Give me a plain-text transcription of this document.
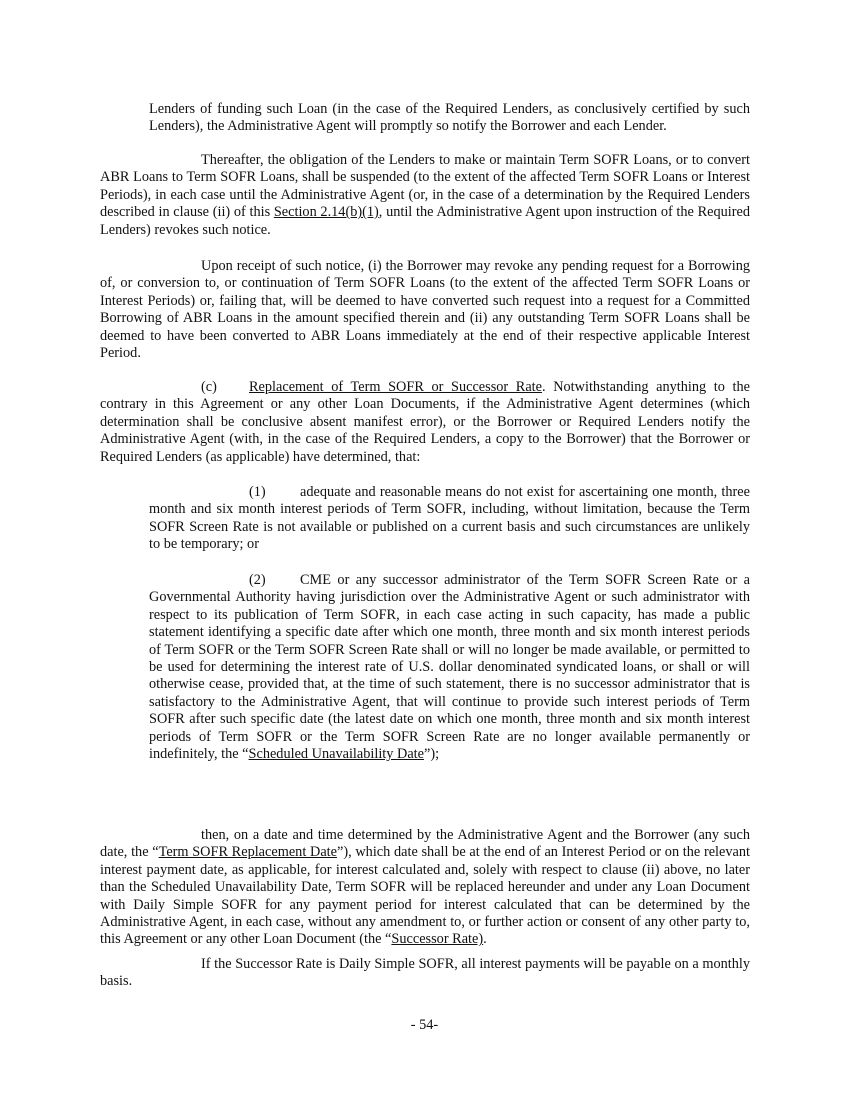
Lenders of funding such Loan (in the case of the Required Lenders, as conclusively certified by such Lenders), the Administrative Agent will promptly so notify the Borrower and each Lender.

Thereafter, the obligation of the Lenders to make or maintain Term SOFR Loans, or to convert ABR Loans to Term SOFR Loans, shall be suspended (to the extent of the affected Term SOFR Loans or Interest Periods), in each case until the Administrative Agent (or, in the case of a determination by the Required Lenders described in clause (ii) of this Section 2.14(b)(1), until the Administrative Agent upon instruction of the Required Lenders) revokes such notice.

Upon receipt of such notice, (i) the Borrower may revoke any pending request for a Borrowing of, or conversion to, or continuation of Term SOFR Loans (to the extent of the affected Term SOFR Loans or Interest Periods) or, failing that, will be deemed to have converted such request into a request for a Committed Borrowing of ABR Loans in the amount specified therein and (ii) any outstanding Term SOFR Loans shall be deemed to have been converted to ABR Loans immediately at the end of their respective applicable Interest Period.

(c) Replacement of Term SOFR or Successor Rate. Notwithstanding anything to the contrary in this Agreement or any other Loan Documents, if the Administrative Agent determines (which determination shall be conclusive absent manifest error), or the Borrower or Required Lenders notify the Administrative Agent (with, in the case of the Required Lenders, a copy to the Borrower) that the Borrower or Required Lenders (as applicable) have determined, that:

(1) adequate and reasonable means do not exist for ascertaining one month, three month and six month interest periods of Term SOFR, including, without limitation, because the Term SOFR Screen Rate is not available or published on a current basis and such circumstances are unlikely to be temporary; or

(2) CME or any successor administrator of the Term SOFR Screen Rate or a Governmental Authority having jurisdiction over the Administrative Agent or such administrator with respect to its publication of Term SOFR, in each case acting in such capacity, has made a public statement identifying a specific date after which one month, three month and six month interest periods of Term SOFR or the Term SOFR Screen Rate shall or will no longer be made available, or permitted to be used for determining the interest rate of U.S. dollar denominated syndicated loans, or shall or will otherwise cease, provided that, at the time of such statement, there is no successor administrator that is satisfactory to the Administrative Agent, that will continue to provide such interest periods of Term SOFR after such specific date (the latest date on which one month, three month and six month interest periods of Term SOFR or the Term SOFR Screen Rate are no longer available permanently or indefinitely, the “Scheduled Unavailability Date”);

then, on a date and time determined by the Administrative Agent and the Borrower (any such date, the “Term SOFR Replacement Date”), which date shall be at the end of an Interest Period or on the relevant interest payment date, as applicable, for interest calculated and, solely with respect to clause (ii) above, no later than the Scheduled Unavailability Date, Term SOFR will be replaced hereunder and under any Loan Document with Daily Simple SOFR for any payment period for interest calculated that can be determined by the Administrative Agent, in each case, without any amendment to, or further action or consent of any other party to, this Agreement or any other Loan Document (the “Successor Rate).

If the Successor Rate is Daily Simple SOFR, all interest payments will be payable on a monthly basis.

- 54-
